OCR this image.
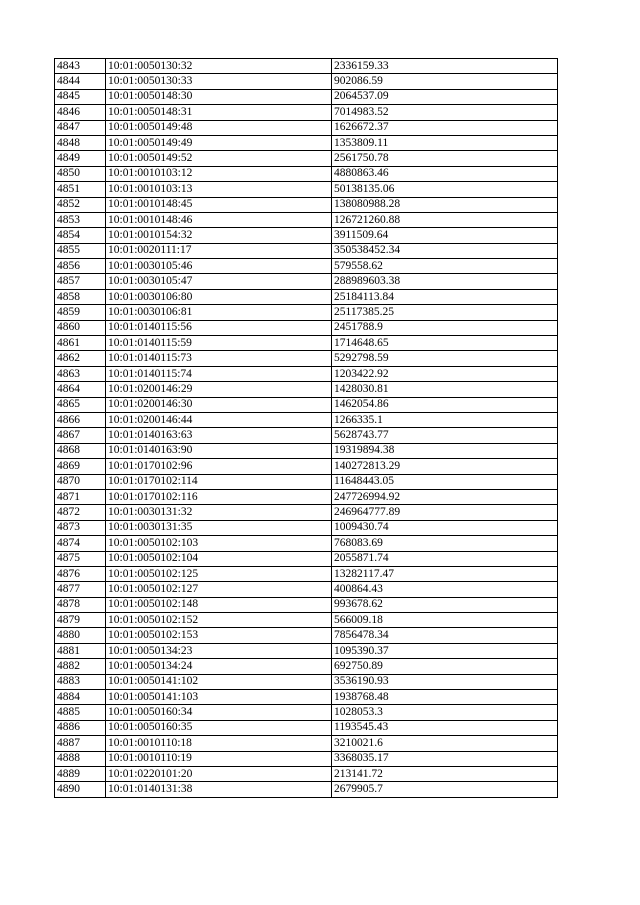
4843	10:01:0050130:32	2336159.33
4844	10:01:0050130:33	902086.59
4845	10:01:0050148:30	2064537.09
4846	10:01:0050148:31	7014983.52
4847	10:01:0050149:48	1626672.37
4848	10:01:0050149:49	1353809.11
4849	10:01:0050149:52	2561750.78
4850	10:01:0010103:12	4880863.46
4851	10:01:0010103:13	50138135.06
4852	10:01:0010148:45	138080988.28
4853	10:01:0010148:46	126721260.88
4854	10:01:0010154:32	3911509.64
4855	10:01:0020111:17	350538452.34
4856	10:01:0030105:46	579558.62
4857	10:01:0030105:47	288989603.38
4858	10:01:0030106:80	25184113.84
4859	10:01:0030106:81	25117385.25
4860	10:01:0140115:56	2451788.9
4861	10:01:0140115:59	1714648.65
4862	10:01:0140115:73	5292798.59
4863	10:01:0140115:74	1203422.92
4864	10:01:0200146:29	1428030.81
4865	10:01:0200146:30	1462054.86
4866	10:01:0200146:44	1266335.1
4867	10:01:0140163:63	5628743.77
4868	10:01:0140163:90	19319894.38
4869	10:01:0170102:96	140272813.29
4870	10:01:0170102:114	11648443.05
4871	10:01:0170102:116	247726994.92
4872	10:01:0030131:32	246964777.89
4873	10:01:0030131:35	1009430.74
4874	10:01:0050102:103	768083.69
4875	10:01:0050102:104	2055871.74
4876	10:01:0050102:125	13282117.47
4877	10:01:0050102:127	400864.43
4878	10:01:0050102:148	993678.62
4879	10:01:0050102:152	566009.18
4880	10:01:0050102:153	7856478.34
4881	10:01:0050134:23	1095390.37
4882	10:01:0050134:24	692750.89
4883	10:01:0050141:102	3536190.93
4884	10:01:0050141:103	1938768.48
4885	10:01:0050160:34	1028053.3
4886	10:01:0050160:35	1193545.43
4887	10:01:0010110:18	3210021.6
4888	10:01:0010110:19	3368035.17
4889	10:01:0220101:20	213141.72
4890	10:01:0140131:38	2679905.7
